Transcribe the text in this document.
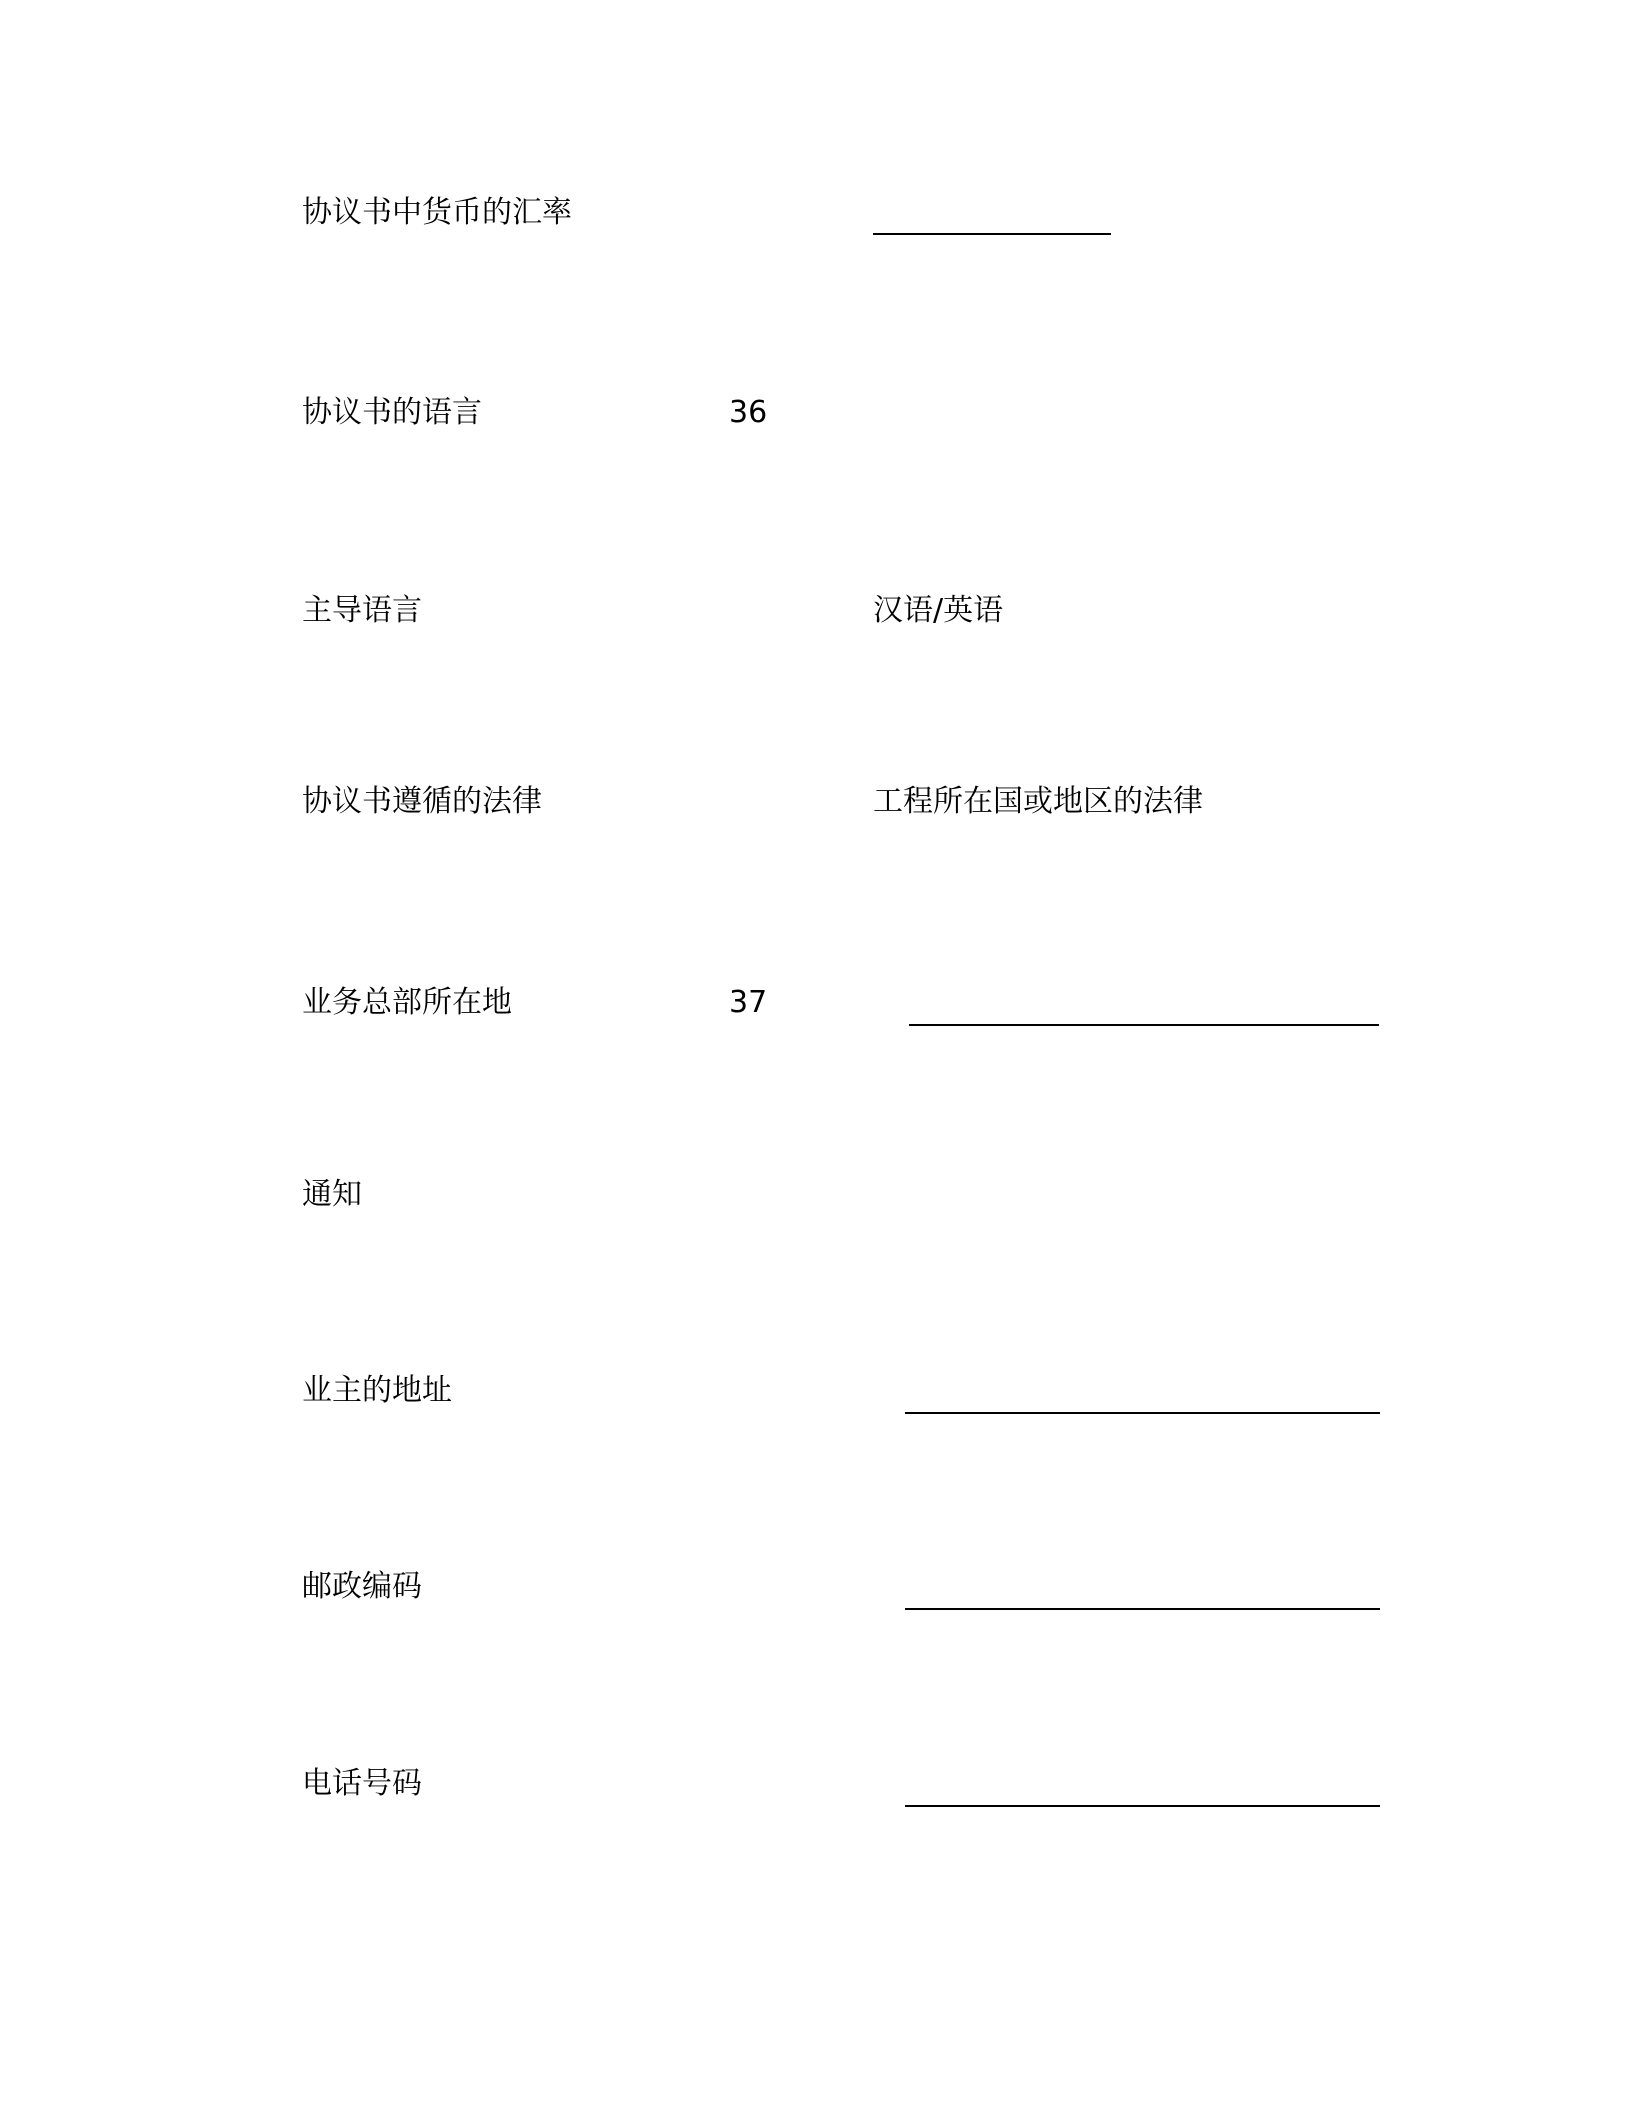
协议书中货币的汇率
协议书的语言	36
主导语言	汉语/英语
协议书遵循的法律	工程所在国或地区的法律
业务总部所在地	37
通知
业主的地址
邮政编码
电话号码
